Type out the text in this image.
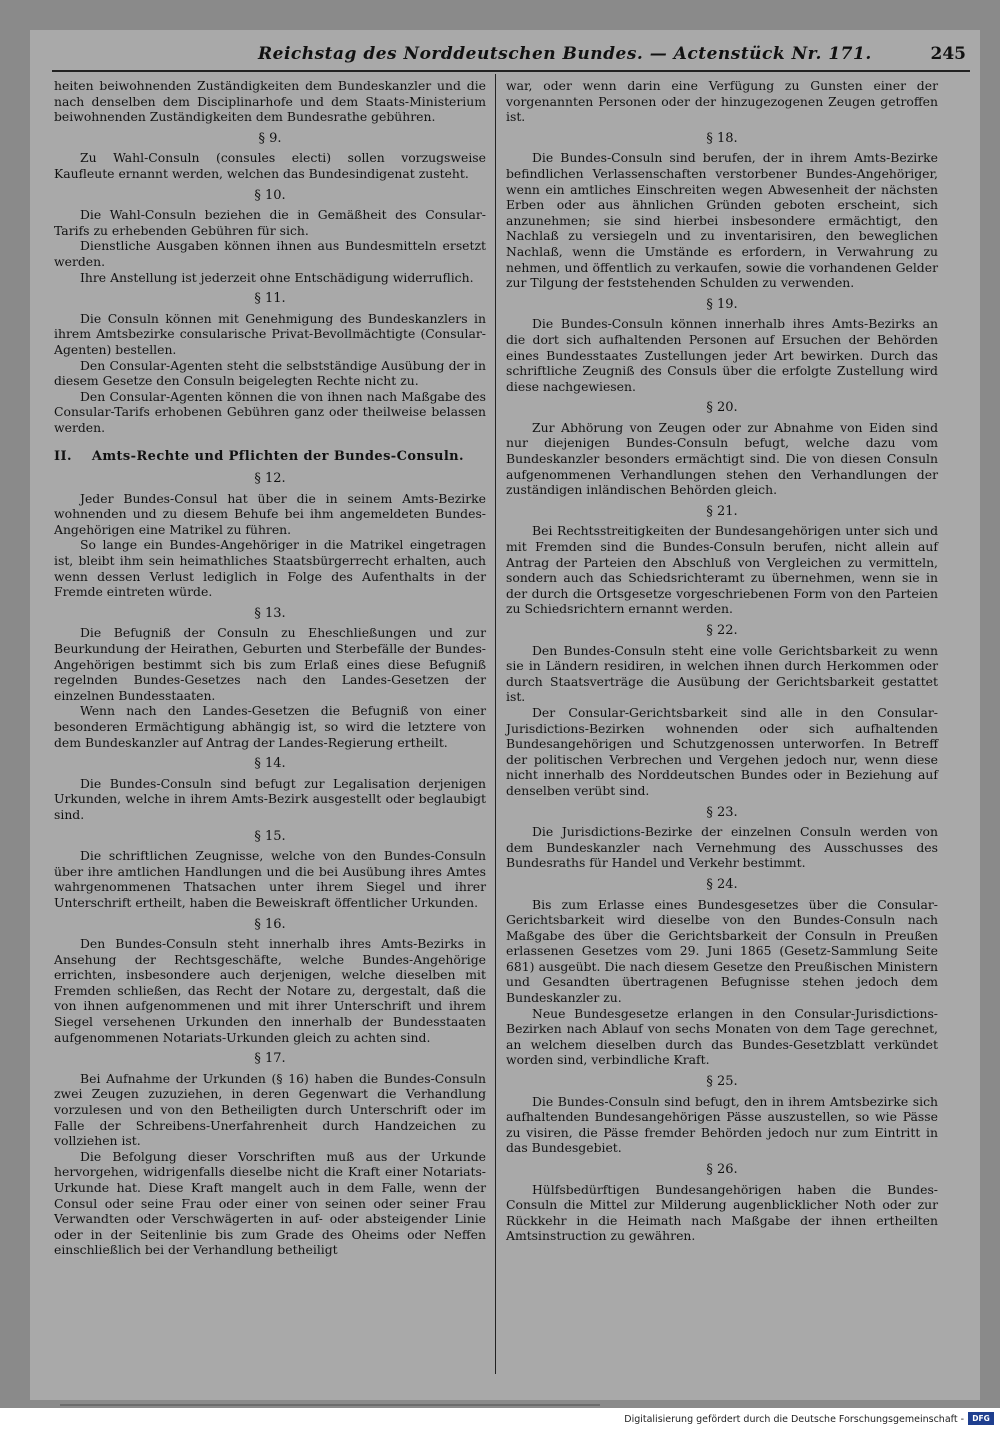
Reichstag des Norddeutschen Bundes. — Actenstück Nr. 171.	245

heiten beiwohnenden Zuständigkeiten dem Bundeskanzler und die nach denselben dem Disciplinarhofe und dem Staats-Ministerium beiwohnenden Zuständigkeiten dem Bundesrathe gebühren.

§ 9.

Zu Wahl-Consuln (consules electi) sollen vorzugsweise Kaufleute ernannt werden, welchen das Bundesindigenat zusteht.

§ 10.

Die Wahl-Consuln beziehen die in Gemäßheit des Consular-Tarifs zu erhebenden Gebühren für sich.

Dienstliche Ausgaben können ihnen aus Bundesmitteln ersetzt werden.

Ihre Anstellung ist jederzeit ohne Entschädigung widerruflich.

§ 11.

Die Consuln können mit Genehmigung des Bundeskanzlers in ihrem Amtsbezirke consularische Privat-Bevollmächtigte (Consular-Agenten) bestellen.

Den Consular-Agenten steht die selbstständige Ausübung der in diesem Gesetze den Consuln beigelegten Rechte nicht zu.

Den Consular-Agenten können die von ihnen nach Maßgabe des Consular-Tarifs erhobenen Gebühren ganz oder theilweise belassen werden.

II. Amts-Rechte und Pflichten der Bundes-Consuln.
§ 12.

Jeder Bundes-Consul hat über die in seinem Amts-Bezirke wohnenden und zu diesem Behufe bei ihm angemeldeten Bundes-Angehörigen eine Matrikel zu führen.

So lange ein Bundes-Angehöriger in die Matrikel eingetragen ist, bleibt ihm sein heimathliches Staatsbürgerrecht erhalten, auch wenn dessen Verlust lediglich in Folge des Aufenthalts in der Fremde eintreten würde.

§ 13.

Die Befugniß der Consuln zu Eheschließungen und zur Beurkundung der Heirathen, Geburten und Sterbefälle der Bundes-Angehörigen bestimmt sich bis zum Erlaß eines diese Befugniß regelnden Bundes-Gesetzes nach den Landes-Gesetzen der einzelnen Bundesstaaten.

Wenn nach den Landes-Gesetzen die Befugniß von einer besonderen Ermächtigung abhängig ist, so wird die letztere von dem Bundeskanzler auf Antrag der Landes-Regierung ertheilt.

§ 14.

Die Bundes-Consuln sind befugt zur Legalisation derjenigen Urkunden, welche in ihrem Amts-Bezirk ausgestellt oder beglaubigt sind.

§ 15.

Die schriftlichen Zeugnisse, welche von den Bundes-Consuln über ihre amtlichen Handlungen und die bei Ausübung ihres Amtes wahrgenommenen Thatsachen unter ihrem Siegel und ihrer Unterschrift ertheilt, haben die Beweiskraft öffentlicher Urkunden.

§ 16.

Den Bundes-Consuln steht innerhalb ihres Amts-Bezirks in Ansehung der Rechtsgeschäfte, welche Bundes-Angehörige errichten, insbesondere auch derjenigen, welche dieselben mit Fremden schließen, das Recht der Notare zu, dergestalt, daß die von ihnen aufgenommenen und mit ihrer Unterschrift und ihrem Siegel versehenen Urkunden den innerhalb der Bundesstaaten aufgenommenen Notariats-Urkunden gleich zu achten sind.

§ 17.

Bei Aufnahme der Urkunden (§ 16) haben die Bundes-Consuln zwei Zeugen zuzuziehen, in deren Gegenwart die Verhandlung vorzulesen und von den Betheiligten durch Unterschrift oder im Falle der Schreibens-Unerfahrenheit durch Handzeichen zu vollziehen ist.

Die Befolgung dieser Vorschriften muß aus der Urkunde hervorgehen, widrigenfalls dieselbe nicht die Kraft einer Notariats-Urkunde hat. Diese Kraft mangelt auch in dem Falle, wenn der Consul oder seine Frau oder einer von seinen oder seiner Frau Verwandten oder Verschwägerten in auf- oder absteigender Linie oder in der Seitenlinie bis zum Grade des Oheims oder Neffen einschließlich bei der Verhandlung betheiligt

war, oder wenn darin eine Verfügung zu Gunsten einer der vorgenannten Personen oder der hinzugezogenen Zeugen getroffen ist.

§ 18.

Die Bundes-Consuln sind berufen, der in ihrem Amts-Bezirke befindlichen Verlassenschaften verstorbener Bundes-Angehöriger, wenn ein amtliches Einschreiten wegen Abwesenheit der nächsten Erben oder aus ähnlichen Gründen geboten erscheint, sich anzunehmen; sie sind hierbei insbesondere ermächtigt, den Nachlaß zu versiegeln und zu inventarisiren, den beweglichen Nachlaß, wenn die Umstände es erfordern, in Verwahrung zu nehmen, und öffentlich zu verkaufen, sowie die vorhandenen Gelder zur Tilgung der feststehenden Schulden zu verwenden.

§ 19.

Die Bundes-Consuln können innerhalb ihres Amts-Bezirks an die dort sich aufhaltenden Personen auf Ersuchen der Behörden eines Bundesstaates Zustellungen jeder Art bewirken. Durch das schriftliche Zeugniß des Consuls über die erfolgte Zustellung wird diese nachgewiesen.

§ 20.

Zur Abhörung von Zeugen oder zur Abnahme von Eiden sind nur diejenigen Bundes-Consuln befugt, welche dazu vom Bundeskanzler besonders ermächtigt sind. Die von diesen Consuln aufgenommenen Verhandlungen stehen den Verhandlungen der zuständigen inländischen Behörden gleich.

§ 21.

Bei Rechtsstreitigkeiten der Bundesangehörigen unter sich und mit Fremden sind die Bundes-Consuln berufen, nicht allein auf Antrag der Parteien den Abschluß von Vergleichen zu vermitteln, sondern auch das Schiedsrichteramt zu übernehmen, wenn sie in der durch die Ortsgesetze vorgeschriebenen Form von den Parteien zu Schiedsrichtern ernannt werden.

§ 22.

Den Bundes-Consuln steht eine volle Gerichtsbarkeit zu wenn sie in Ländern residiren, in welchen ihnen durch Herkommen oder durch Staatsverträge die Ausübung der Gerichtsbarkeit gestattet ist.

Der Consular-Gerichtsbarkeit sind alle in den Consular-Jurisdictions-Bezirken wohnenden oder sich aufhaltenden Bundesangehörigen und Schutzgenossen unterworfen. In Betreff der politischen Verbrechen und Vergehen jedoch nur, wenn diese nicht innerhalb des Norddeutschen Bundes oder in Beziehung auf denselben verübt sind.

§ 23.

Die Jurisdictions-Bezirke der einzelnen Consuln werden von dem Bundeskanzler nach Vernehmung des Ausschusses des Bundesraths für Handel und Verkehr bestimmt.

§ 24.

Bis zum Erlasse eines Bundesgesetzes über die Consular-Gerichtsbarkeit wird dieselbe von den Bundes-Consuln nach Maßgabe des über die Gerichtsbarkeit der Consuln in Preußen erlassenen Gesetzes vom 29. Juni 1865 (Gesetz-Sammlung Seite 681) ausgeübt. Die nach diesem Gesetze den Preußischen Ministern und Gesandten übertragenen Befugnisse stehen jedoch dem Bundeskanzler zu.

Neue Bundesgesetze erlangen in den Consular-Jurisdictions-Bezirken nach Ablauf von sechs Monaten von dem Tage gerechnet, an welchem dieselben durch das Bundes-Gesetzblatt verkündet worden sind, verbindliche Kraft.

§ 25.

Die Bundes-Consuln sind befugt, den in ihrem Amtsbezirke sich aufhaltenden Bundesangehörigen Pässe auszustellen, so wie Pässe zu visiren, die Pässe fremder Behörden jedoch nur zum Eintritt in das Bundesgebiet.

§ 26.

Hülfsbedürftigen Bundesangehörigen haben die Bundes-Consuln die Mittel zur Milderung augenblicklicher Noth oder zur Rückkehr in die Heimath nach Maßgabe der ihnen ertheilten Amtsinstruction zu gewähren.

Digitalisierung gefördert durch die Deutsche Forschungsgemeinschaft - DFG
